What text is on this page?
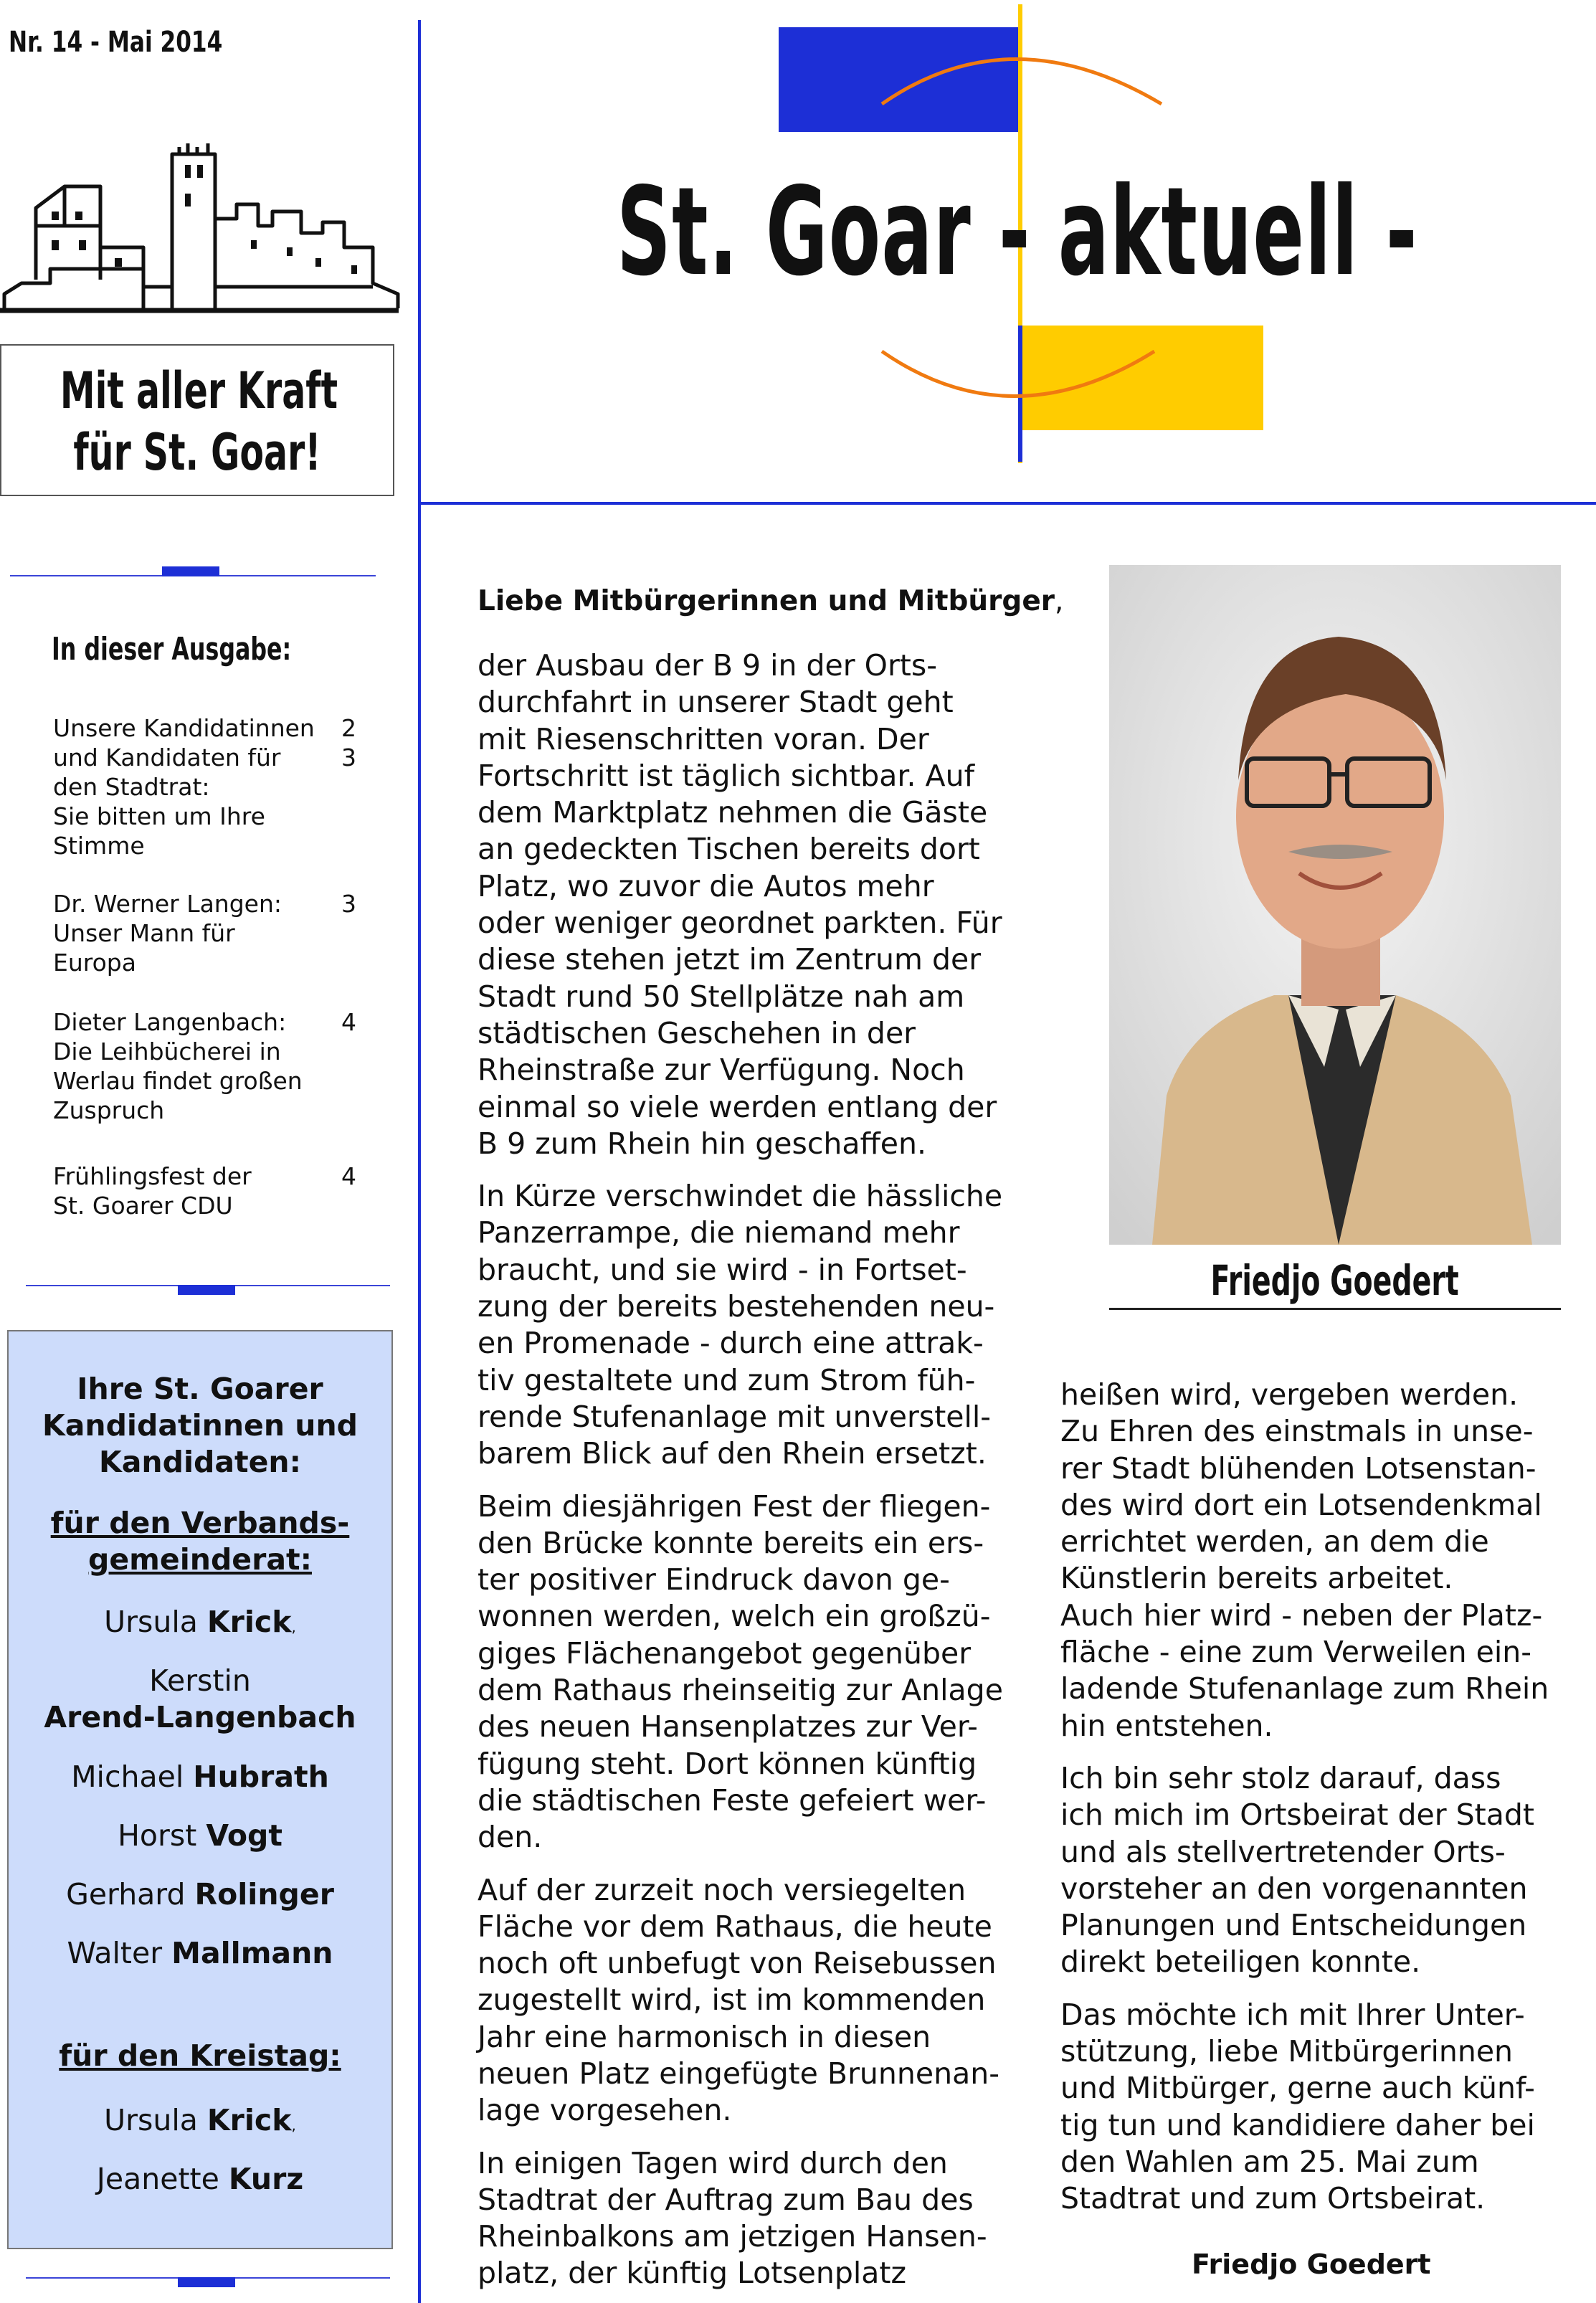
Nr. 14 - Mai 2014
Mit aller Kraft
für St. Goar!
In dieser Ausgabe:
Unsere Kandidatinnen
und Kandidaten für
den Stadtrat:
Sie bitten um Ihre
Stimme
2
3
Dr. Werner Langen:
Unser Mann für
Europa
3
Dieter Langenbach:
Die Leihbücherei in
Werlau findet großen
Zuspruch
4
Frühlingsfest der
St. Goarer CDU
4
Ihre St. Goarer
Kandidatinnen und
Kandidaten:
für den Verbands-
gemeinderat:
Ursula Krick,
Kerstin
Arend-Langenbach
Michael Hubrath
Horst Vogt
Gerhard Rolinger
Walter Mallmann
für den Kreistag:
Ursula Krick,
Jeanette Kurz
St. Goar - aktuell -
Liebe Mitbürgerinnen und Mitbürger,

der Ausbau der B 9 in der Orts-
durchfahrt in unserer Stadt geht
mit Riesenschritten voran. Der
Fortschritt ist täglich sichtbar. Auf
dem Marktplatz nehmen die Gäste
an gedeckten Tischen bereits dort
Platz, wo zuvor die Autos mehr
oder weniger geordnet parkten. Für
diese stehen jetzt im Zentrum der
Stadt rund 50 Stellplätze nah am
städtischen Geschehen in der
Rheinstraße zur Verfügung. Noch
einmal so viele werden entlang der
B 9 zum Rhein hin geschaffen.

In Kürze verschwindet die hässliche
Panzerrampe, die niemand mehr
braucht, und sie wird - in Fortset-
zung der bereits bestehenden neu-
en Promenade - durch eine attrak-
tiv gestaltete und zum Strom füh-
rende Stufenanlage mit unverstell-
barem Blick auf den Rhein ersetzt.

Beim diesjährigen Fest der fliegen-
den Brücke konnte bereits ein ers-
ter positiver Eindruck davon ge-
wonnen werden, welch ein großzü-
giges Flächenangebot gegenüber
dem Rathaus rheinseitig zur Anlage
des neuen Hansenplatzes zur Ver-
fügung steht. Dort können künftig
die städtischen Feste gefeiert wer-
den.

Auf der zurzeit noch versiegelten
Fläche vor dem Rathaus, die heute
noch oft unbefugt von Reisebussen
zugestellt wird, ist im kommenden
Jahr eine harmonisch in diesen
neuen Platz eingefügte Brunnenan-
lage vorgesehen.

In einigen Tagen wird durch den
Stadtrat der Auftrag zum Bau des
Rheinbalkons am jetzigen Hansen-
platz, der künftig Lotsenplatz

Friedjo Goedert

heißen wird, vergeben werden.
Zu Ehren des einstmals in unse-
rer Stadt blühenden Lotsenstan-
des wird dort ein Lotsendenkmal
errichtet werden, an dem die
Künstlerin bereits arbeitet.
Auch hier wird - neben der Platz-
fläche - eine zum Verweilen ein-
ladende Stufenanlage zum Rhein
hin entstehen.

Ich bin sehr stolz darauf, dass
ich mich im Ortsbeirat der Stadt
und als stellvertretender Orts-
vorsteher an den vorgenannten
Planungen und Entscheidungen
direkt beteiligen konnte.

Das möchte ich mit Ihrer Unter-
stützung, liebe Mitbürgerinnen
und Mitbürger, gerne auch künf-
tig tun und kandidiere daher bei
den Wahlen am 25. Mai zum
Stadtrat und zum Ortsbeirat.

Friedjo Goedert
